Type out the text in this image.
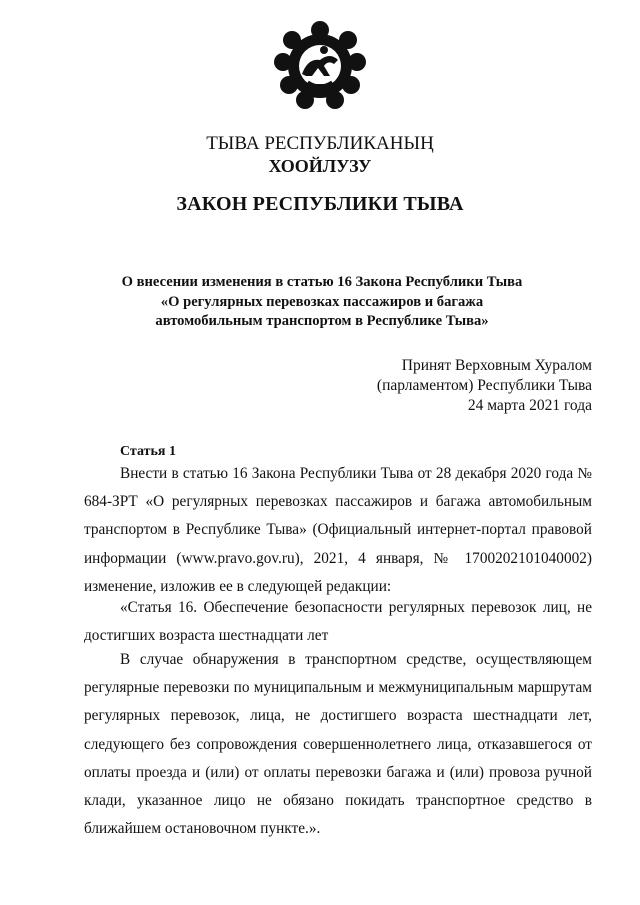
ТЫВА РЕСПУБЛИКАНЫҢ
ХООЙЛУЗУ
ЗАКОН РЕСПУБЛИКИ ТЫВА
О внесении изменения в статью 16 Закона Республики Тыва «О регулярных перевозках пассажиров и багажа автомобильным транспортом в Республике Тыва»
Принят Верховным Хуралом
(парламентом) Республики Тыва
24 марта 2021 года
Статья 1
Внести в статью 16 Закона Республики Тыва от 28 декабря 2020 года № 684-ЗРТ «О регулярных перевозках пассажиров и багажа автомобильным транспортом в Республике Тыва» (Официальный интернет-портал правовой информации (www.pravo.gov.ru), 2021, 4 января, № 1700202101040002) изменение, изложив ее в следующей редакции:
«Статья 16. Обеспечение безопасности регулярных перевозок лиц, не достигших возраста шестнадцати лет
В случае обнаружения в транспортном средстве, осуществляющем регулярные перевозки по муниципальным и межмуниципальным маршрутам регулярных перевозок, лица, не достигшего возраста шестнадцати лет, следующего без сопровождения совершеннолетнего лица, отказавшегося от оплаты проезда и (или) от оплаты перевозки багажа и (или) провоза ручной клади, указанное лицо не обязано покидать транспортное средство в ближайшем остановочном пункте.».
